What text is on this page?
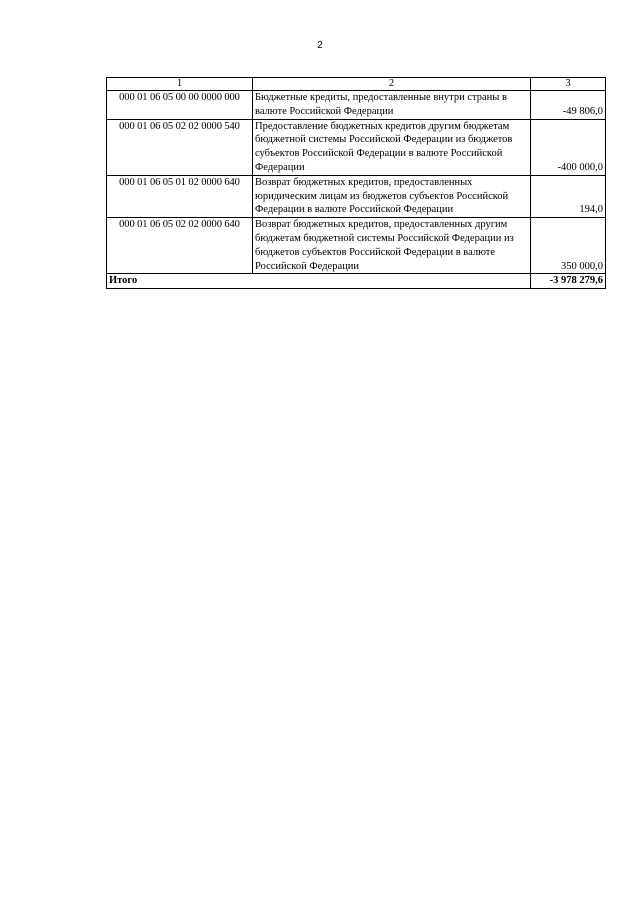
2
1	2	3
000 01 06 05 00 00 0000 000	Бюджетные кредиты, предоставленные внутри страны в валюте Российской Федерации	-49 806,0
000 01 06 05 02 02 0000 540	Предоставление бюджетных кредитов другим бюджетам бюджетной системы Российской Федерации из бюджетов субъектов Российской Федерации в валюте Российской Федерации	-400 000,0
000 01 06 05 01 02 0000 640	Возврат бюджетных кредитов, предоставленных юридическим лицам из бюджетов субъектов Российской Федерации в валюте Российской Федерации	194,0
000 01 06 05 02 02 0000 640	Возврат бюджетных кредитов, предоставленных другим бюджетам бюджетной системы Российской Федерации из бюджетов субъектов Российской Федерации в валюте Российской Федерации	350 000,0
Итого		-3 978 279,6
